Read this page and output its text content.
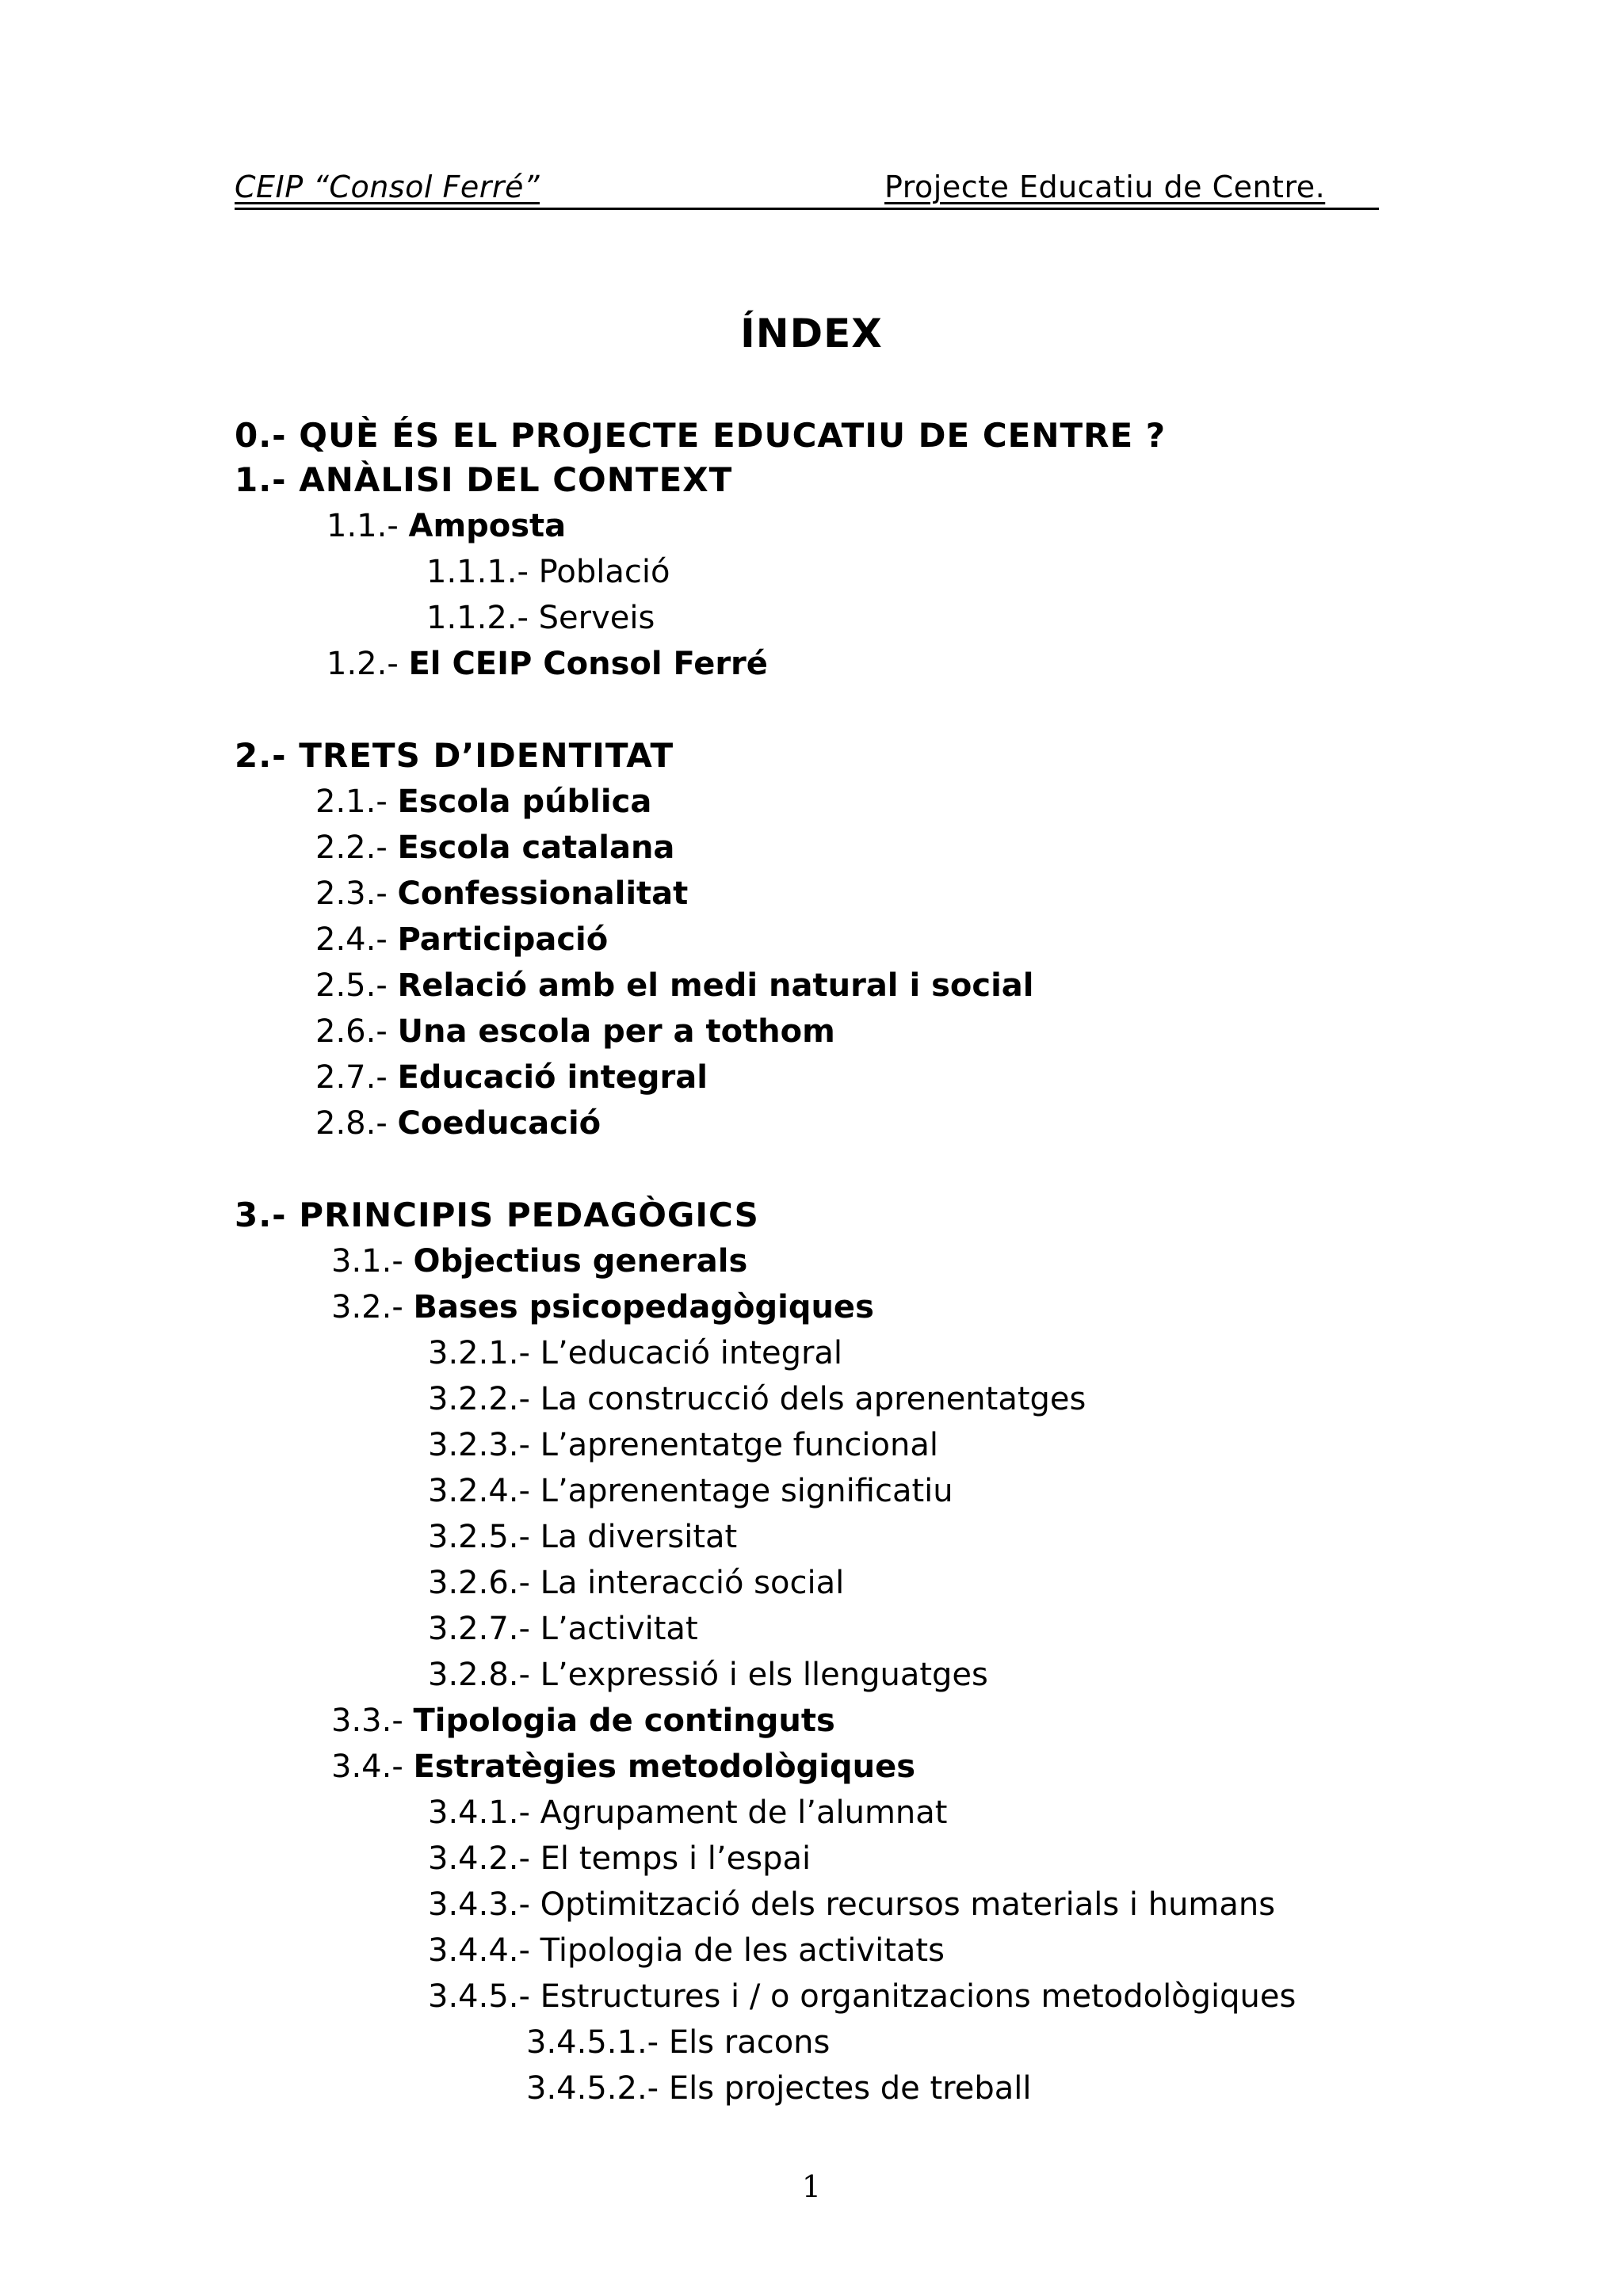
CEIP “Consol Ferré”	Projecte Educatiu de Centre.
ÍNDEX
0.- QUÈ ÉS EL PROJECTE EDUCATIU DE CENTRE ?
1.- ANÀLISI DEL CONTEXT
1.1.- Amposta
1.1.1.- Població
1.1.2.- Serveis
1.2.- El CEIP Consol Ferré
2.- TRETS D’IDENTITAT
2.1.- Escola pública
2.2.- Escola catalana
2.3.- Confessionalitat
2.4.- Participació
2.5.- Relació amb el medi natural i social
2.6.- Una escola per a tothom
2.7.- Educació integral
2.8.- Coeducació
3.- PRINCIPIS PEDAGÒGICS
3.1.- Objectius generals
3.2.- Bases psicopedagògiques
3.2.1.- L’educació integral
3.2.2.- La construcció dels aprenentatges
3.2.3.- L’aprenentatge funcional
3.2.4.- L’aprenentage significatiu
3.2.5.- La diversitat
3.2.6.- La interacció social
3.2.7.- L’activitat
3.2.8.- L’expressió i els llenguatges
3.3.- Tipologia de continguts
3.4.- Estratègies metodològiques
3.4.1.- Agrupament de l’alumnat
3.4.2.- El temps i l’espai
3.4.3.- Optimització dels recursos materials i humans
3.4.4.- Tipologia de les activitats
3.4.5.- Estructures i / o organitzacions metodològiques
3.4.5.1.- Els racons
3.4.5.2.- Els projectes de treball
1
